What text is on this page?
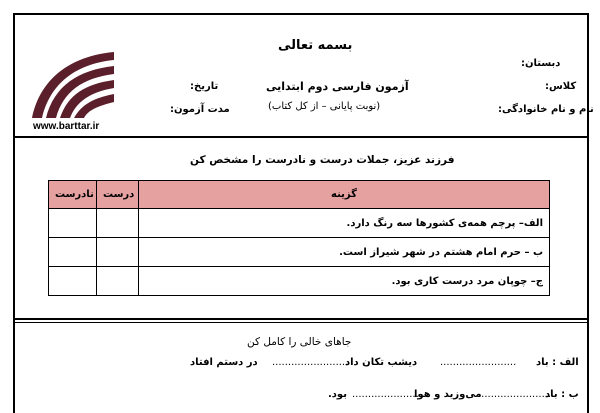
بسمه تعالی
دبستان:
کلاس:
نام و نام خانوادگی:
آزمون فارسی دوم ابتدایی
(نوبت پایانی – از کل کتاب)
تاریخ:
مدت آزمون:
www.barttar.ir
فرزند عزیز، جملات درست و نادرست را مشخص کن
نادرست	درست	گزینه
		الف– پرچم همه‌ی کشورها سه رنگ دارد.
		ب – حرم امام هشتم در شهر شیراز است.
		ج– چوپان مرد درست کاری بود.
جاهای خالی را کامل کن
الف : باد
........................
دیشب تکان داد
........................
در دستم افتاد
ب : باد
........................
می‌وزید و هوا
........................
بود.
